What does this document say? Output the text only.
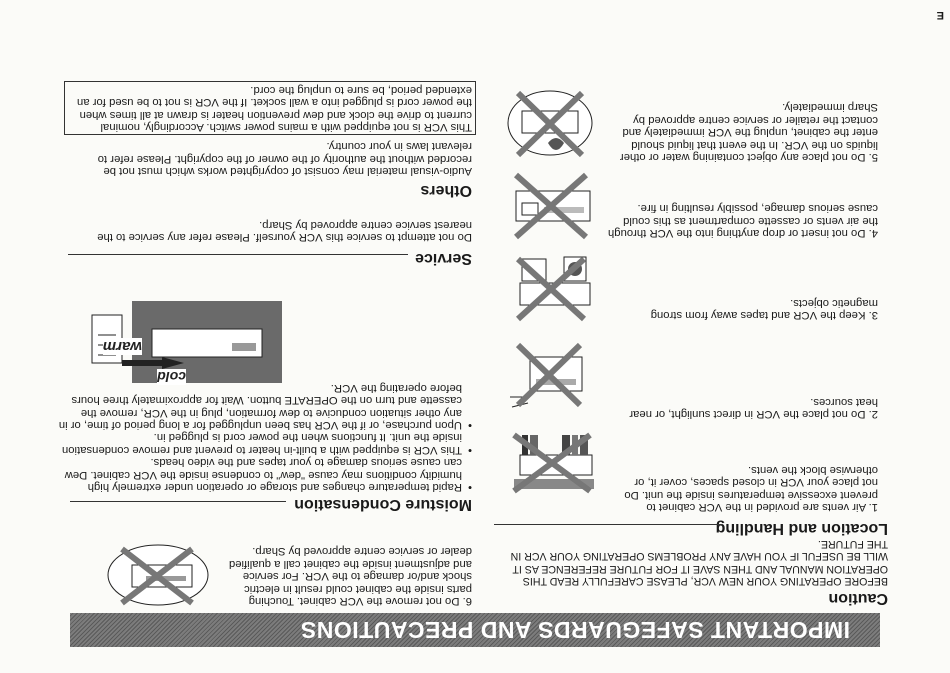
E
IMPORTANT SAFEGUARDS AND PRECAUTIONS
Caution
BEFORE OPERATING YOUR NEW VCR, PLEASE CAREFULLY READ THIS OPERATION MANUAL AND THEN SAVE IT FOR FUTURE REFERENCE AS IT WILL BE USEFUL IF YOU HAVE ANY PROBLEMS OPERATING YOUR VCR IN THE FUTURE.
Location and Handling
1. Air vents are provided in the VCR cabinet to prevent excessive temperatures inside the unit. Do not place your VCR in closed spaces, cover it, or otherwise block the vents.
2. Do not place the VCR in direct sunlight, or near heat sources.
3. Keep the VCR and tapes away from strong magnetic objects.
4. Do not insert or drop anything into the VCR through the air vents or cassette compartment as this could cause serious damage, possibly resulting in fire.
5. Do not place any object containing water or other liquids on the VCR. In the event that liquid should enter the cabinet, unplug the VCR immediately and contact the retailer or service centre approved by Sharp immediately.
6. Do not remove the VCR cabinet. Touching parts inside the cabinet could result in electric shock and/or damage to the VCR. For service and adjustment inside the cabinet call a qualified dealer or service centre approved by Sharp.
Moisture Condensation
• Rapid temperature changes and storage or operation under extremely high humidity conditions may cause "dew" to condense inside the VCR cabinet. Dew can cause serious damage to your tapes and the video heads.
• This VCR is equipped with a built-in heater to prevent and remove condensation inside the unit. It functions when the power cord is plugged in.
• Upon purchase, or if the VCR has been unplugged for a long period of time, or in any other situation conducive to dew formation, plug in the VCR, remove the cassette and turn on the OPERATE button. Wait for approximately three hours before operating the VCR.
cold
warm
Service
Do not attempt to service this VCR yourself. Please refer any service to the nearest service centre approved by Sharp.
Others
Audio-visual material may consist of copyrighted works which must not be recorded without the authority of the owner of the copyright. Please refer to relevant laws in your country.
This VCR is not equipped with a mains power switch. Accordingly, nominal current to drive the clock and dew prevention heater is drawn at all times when the power cord is plugged into a wall socket. If the VCR is not to be used for an extended period, be sure to unplug the cord.
